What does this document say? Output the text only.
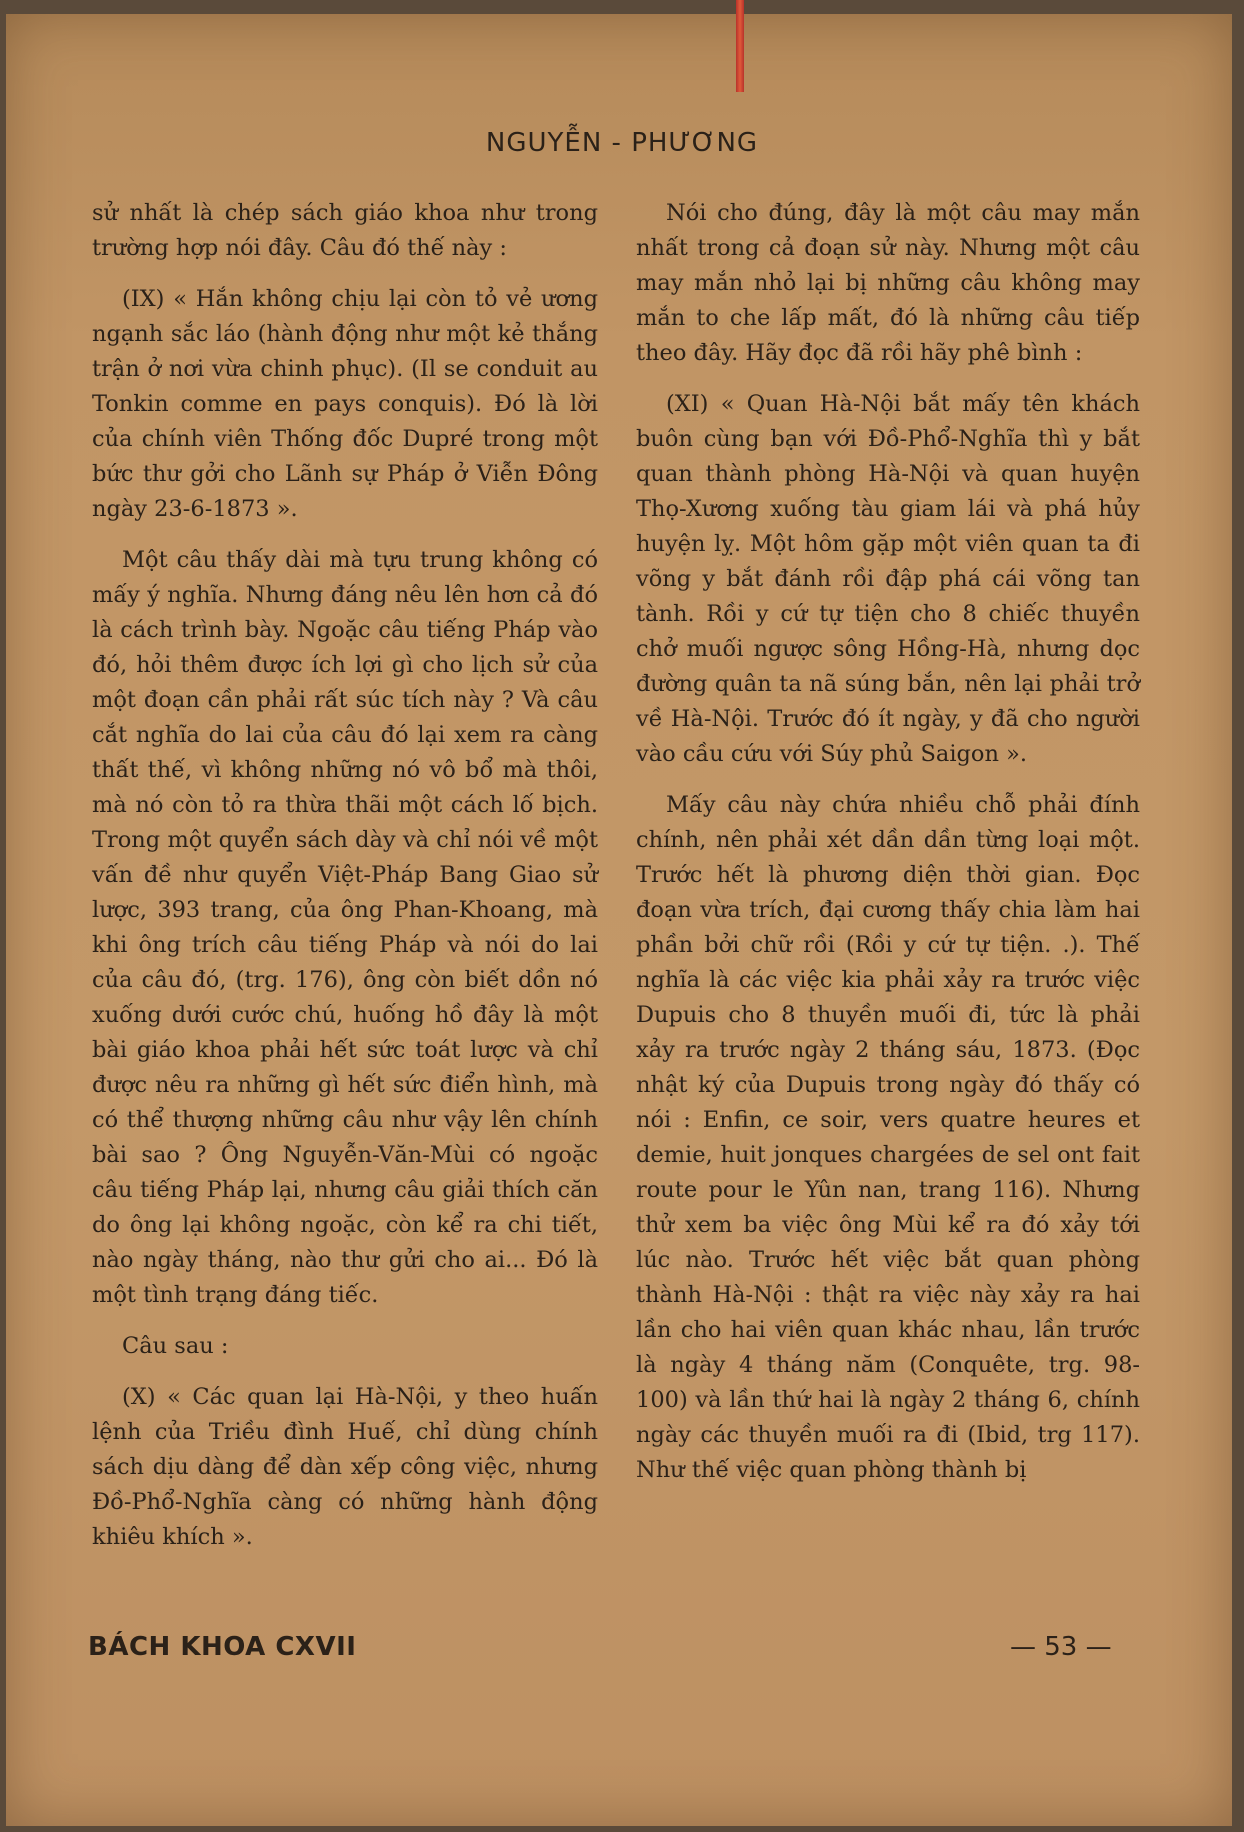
NGUYỄN - PHƯƠNG

sử nhất là chép sách giáo khoa như trong trường hợp nói đây. Câu đó thế này :

(IX) « Hắn không chịu lại còn tỏ vẻ ương ngạnh sắc láo (hành động như một kẻ thắng trận ở nơi vừa chinh phục). (Il se conduit au Tonkin comme en pays conquis). Đó là lời của chính viên Thống đốc Dupré trong một bức thư gởi cho Lãnh sự Pháp ở Viễn Đông ngày 23-6-1873 ».

Một câu thấy dài mà tựu trung không có mấy ý nghĩa. Nhưng đáng nêu lên hơn cả đó là cách trình bày. Ngoặc câu tiếng Pháp vào đó, hỏi thêm được ích lợi gì cho lịch sử của một đoạn cần phải rất súc tích này ? Và câu cắt nghĩa do lai của câu đó lại xem ra càng thất thế, vì không những nó vô bổ mà thôi, mà nó còn tỏ ra thừa thãi một cách lố bịch. Trong một quyển sách dày và chỉ nói về một vấn đề như quyển Việt-Pháp Bang Giao sử lược, 393 trang, của ông Phan-Khoang, mà khi ông trích câu tiếng Pháp và nói do lai của câu đó, (trg. 176), ông còn biết dồn nó xuống dưới cước chú, huống hồ đây là một bài giáo khoa phải hết sức toát lược và chỉ được nêu ra những gì hết sức điển hình, mà có thể thượng những câu như vậy lên chính bài sao ? Ông Nguyễn-Văn-Mùi có ngoặc câu tiếng Pháp lại, nhưng câu giải thích căn do ông lại không ngoặc, còn kể ra chi tiết, nào ngày tháng, nào thư gửi cho ai... Đó là một tình trạng đáng tiếc.

Câu sau :

(X) « Các quan lại Hà-Nội, y theo huấn lệnh của Triều đình Huế, chỉ dùng chính sách dịu dàng để dàn xếp công việc, nhưng Đồ-Phổ-Nghĩa càng có những hành động khiêu khích ».

Nói cho đúng, đây là một câu may mắn nhất trong cả đoạn sử này. Nhưng một câu may mắn nhỏ lại bị những câu không may mắn to che lấp mất, đó là những câu tiếp theo đây. Hãy đọc đã rồi hãy phê bình :

(XI) « Quan Hà-Nội bắt mấy tên khách buôn cùng bạn với Đồ-Phổ-Nghĩa thì y bắt quan thành phòng Hà-Nội và quan huyện Thọ-Xương xuống tàu giam lái và phá hủy huyện lỵ. Một hôm gặp một viên quan ta đi võng y bắt đánh rồi đập phá cái võng tan tành. Rồi y cứ tự tiện cho 8 chiếc thuyền chở muối ngược sông Hồng-Hà, nhưng dọc đường quân ta nã súng bắn, nên lại phải trở về Hà-Nội. Trước đó ít ngày, y đã cho người vào cầu cứu với Súy phủ Saigon ».

Mấy câu này chứa nhiều chỗ phải đính chính, nên phải xét dần dần từng loại một. Trước hết là phương diện thời gian. Đọc đoạn vừa trích, đại cương thấy chia làm hai phần bởi chữ rồi (Rồi y cứ tự tiện. .). Thế nghĩa là các việc kia phải xảy ra trước việc Dupuis cho 8 thuyền muối đi, tức là phải xảy ra trước ngày 2 tháng sáu, 1873. (Đọc nhật ký của Dupuis trong ngày đó thấy có nói : Enfin, ce soir, vers quatre heures et demie, huit jonques chargées de sel ont fait route pour le Yûn nan, trang 116). Nhưng thử xem ba việc ông Mùi kể ra đó xảy tới lúc nào. Trước hết việc bắt quan phòng thành Hà-Nội : thật ra việc này xảy ra hai lần cho hai viên quan khác nhau, lần trước là ngày 4 tháng năm (Conquête, trg. 98-100) và lần thứ hai là ngày 2 tháng 6, chính ngày các thuyền muối ra đi (Ibid, trg 117). Như thế việc quan phòng thành bị

BÁCH KHOA CXVII	— 53 —
